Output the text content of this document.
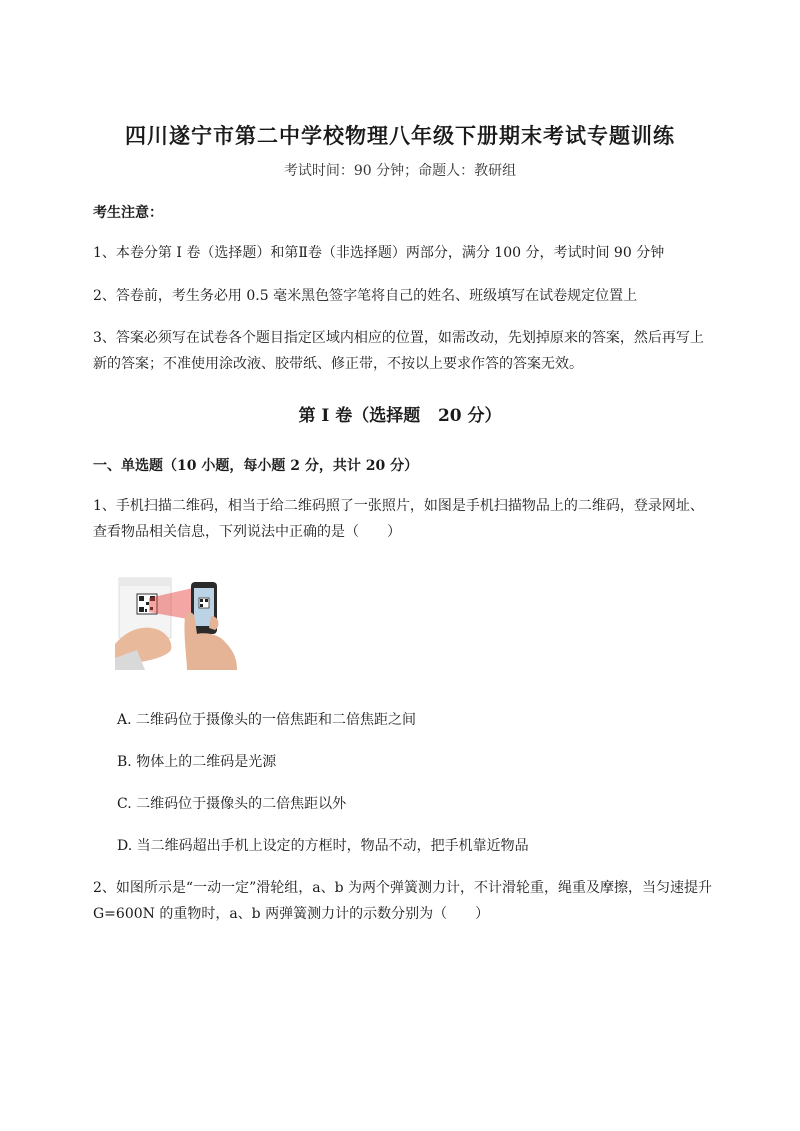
四川遂宁市第二中学校物理八年级下册期末考试专题训练
考试时间：90 分钟；命题人：教研组
考生注意：
1、本卷分第 I 卷（选择题）和第Ⅱ卷（非选择题）两部分，满分 100 分，考试时间 90 分钟
2、答卷前，考生务必用 0.5 毫米黑色签字笔将自己的姓名、班级填写在试卷规定位置上
3、答案必须写在试卷各个题目指定区域内相应的位置，如需改动，先划掉原来的答案，然后再写上新的答案；不准使用涂改液、胶带纸、修正带，不按以上要求作答的答案无效。
第 I 卷（选择题   20 分）
一、单选题（10 小题，每小题 2 分，共计 20 分）
1、手机扫描二维码，相当于给二维码照了一张照片，如图是手机扫描物品上的二维码，登录网址、查看物品相关信息，下列说法中正确的是（　　）
A. 二维码位于摄像头的一倍焦距和二倍焦距之间
B. 物体上的二维码是光源
C. 二维码位于摄像头的二倍焦距以外
D. 当二维码超出手机上设定的方框时，物品不动，把手机靠近物品
2、如图所示是“一动一定”滑轮组，a、b 为两个弹簧测力计，不计滑轮重，绳重及摩擦，当匀速提升 G=600N 的重物时，a、b 两弹簧测力计的示数分别为（　　）
